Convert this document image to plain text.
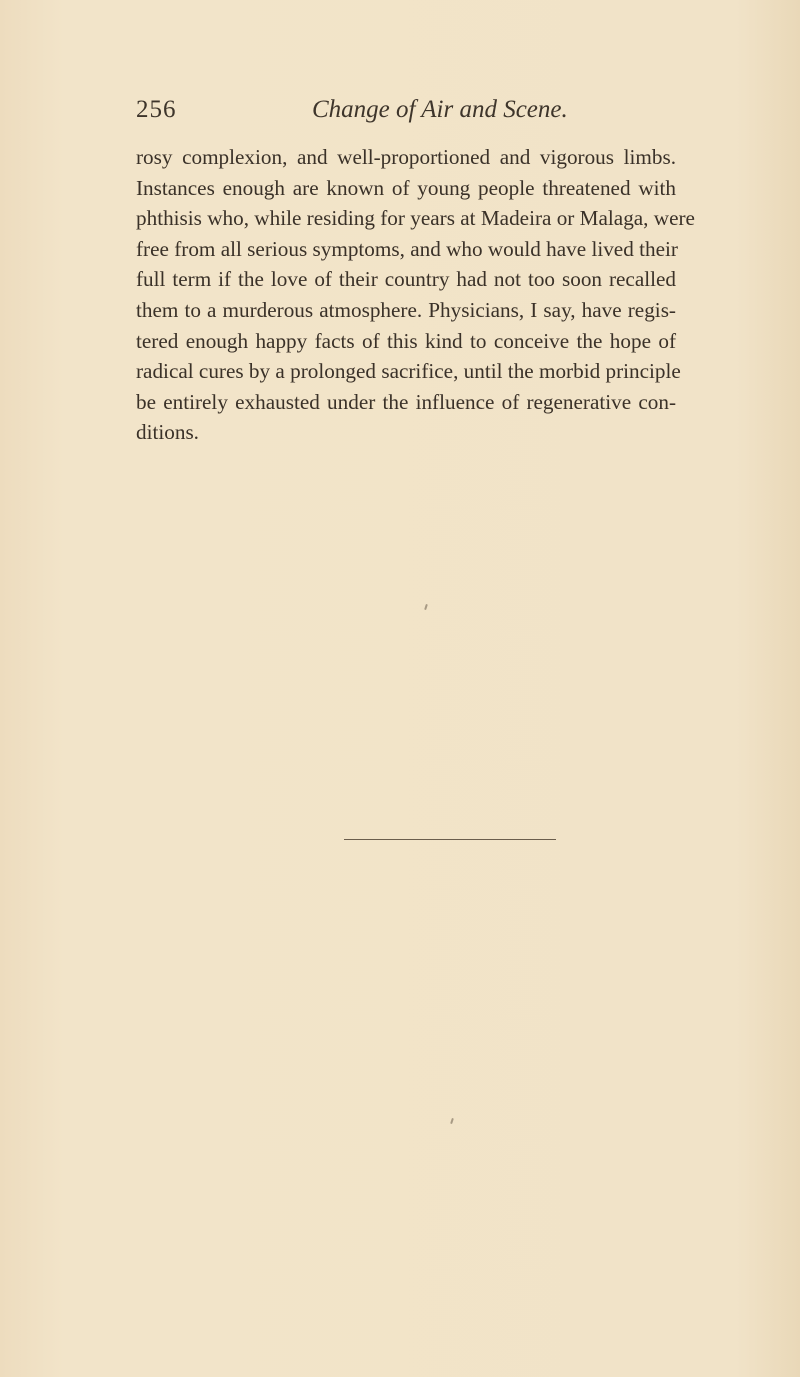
256	Change of Air and Scene.
rosy complexion, and well-proportioned and vigorous limbs.
Instances enough are known of young people threatened with
phthisis who, while residing for years at Madeira or Malaga, were
free from all serious symptoms, and who would have lived their
full term if the love of their country had not too soon recalled
them to a murderous atmosphere. Physicians, I say, have regis-
tered enough happy facts of this kind to conceive the hope of
radical cures by a prolonged sacrifice, until the morbid principle
be entirely exhausted under the influence of regenerative con-
ditions.
